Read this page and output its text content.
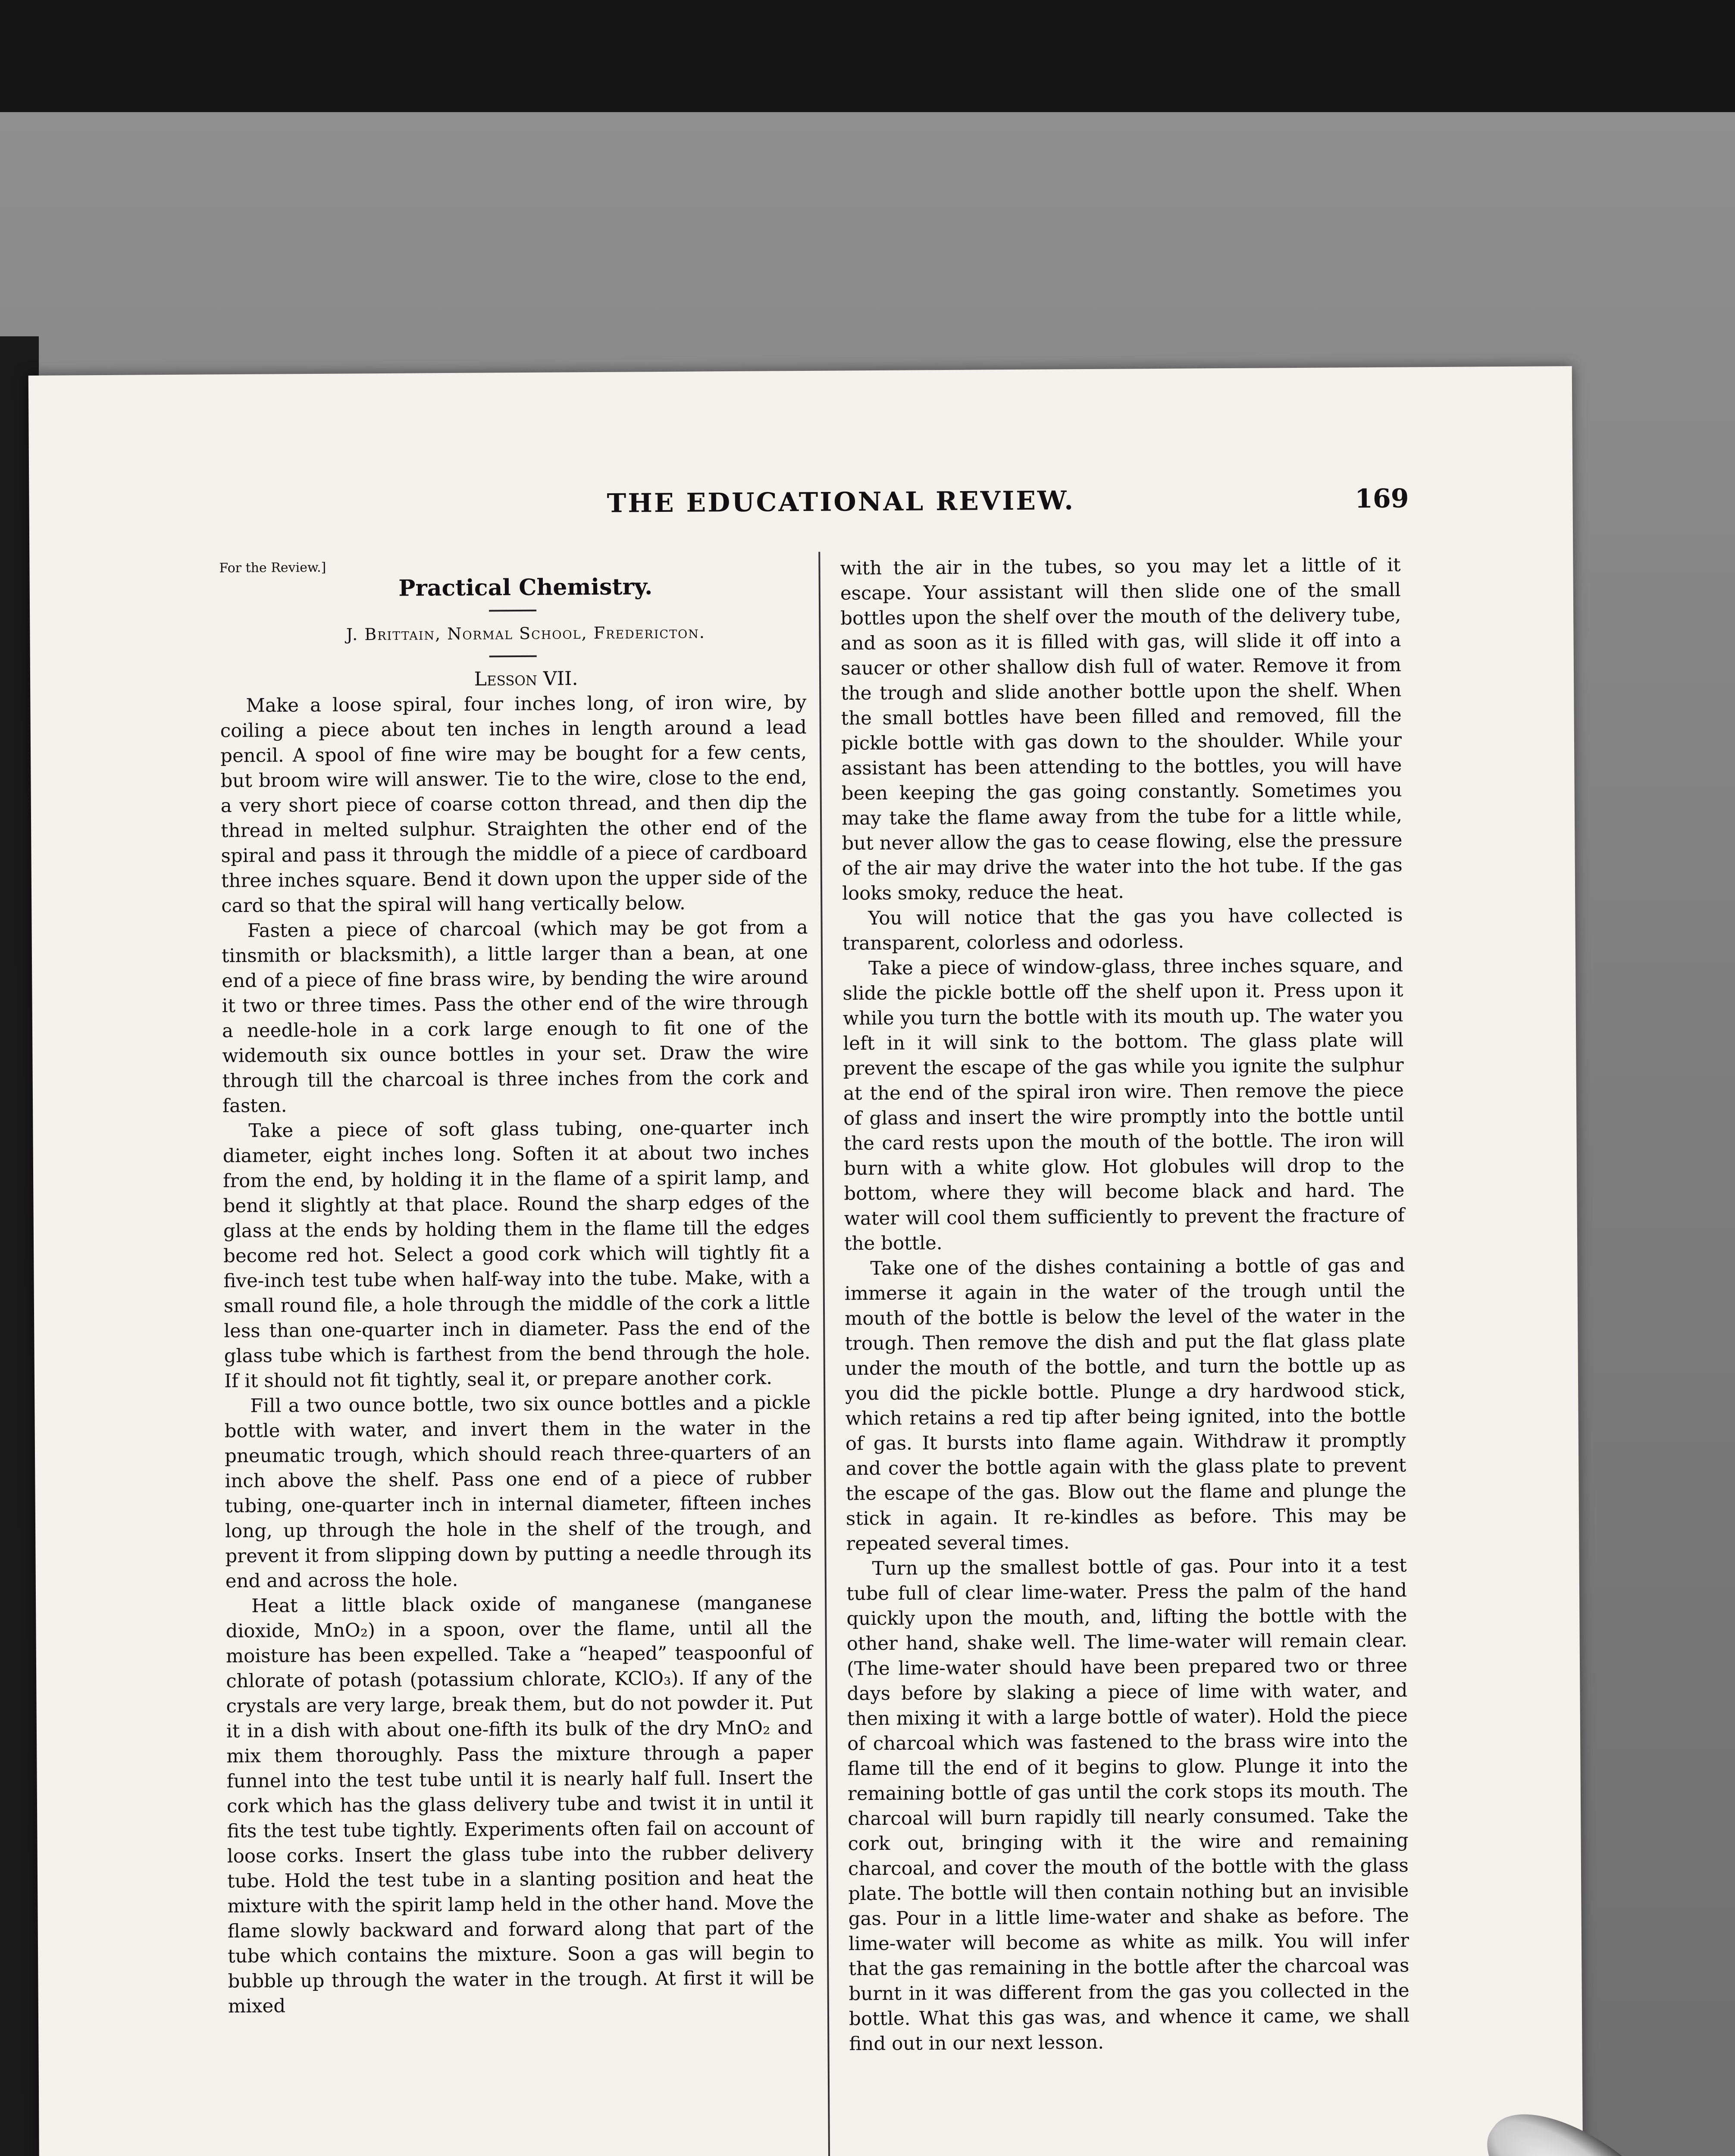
THE EDUCATIONAL REVIEW.	169

For the Review.]

Practical Chemistry.

J. Brittain, Normal School, Fredericton.

Lesson VII.

Make a loose spiral, four inches long, of iron wire, by coiling a piece about ten inches in length around a lead pencil. A spool of fine wire may be bought for a few cents, but broom wire will answer. Tie to the wire, close to the end, a very short piece of coarse cotton thread, and then dip the thread in melted sulphur. Straighten the other end of the spiral and pass it through the middle of a piece of cardboard three inches square. Bend it down upon the upper side of the card so that the spiral will hang vertically below.

Fasten a piece of charcoal (which may be got from a tinsmith or blacksmith), a little larger than a bean, at one end of a piece of fine brass wire, by bending the wire around it two or three times. Pass the other end of the wire through a needle-hole in a cork large enough to fit one of the widemouth six ounce bottles in your set. Draw the wire through till the charcoal is three inches from the cork and fasten.

Take a piece of soft glass tubing, one-quarter inch diameter, eight inches long. Soften it at about two inches from the end, by holding it in the flame of a spirit lamp, and bend it slightly at that place. Round the sharp edges of the glass at the ends by holding them in the flame till the edges become red hot. Select a good cork which will tightly fit a five-inch test tube when half-way into the tube. Make, with a small round file, a hole through the middle of the cork a little less than one-quarter inch in diameter. Pass the end of the glass tube which is farthest from the bend through the hole. If it should not fit tightly, seal it, or prepare another cork.

Fill a two ounce bottle, two six ounce bottles and a pickle bottle with water, and invert them in the water in the pneumatic trough, which should reach three-quarters of an inch above the shelf. Pass one end of a piece of rubber tubing, one-quarter inch in internal diameter, fifteen inches long, up through the hole in the shelf of the trough, and prevent it from slipping down by putting a needle through its end and across the hole.

Heat a little black oxide of manganese (manganese dioxide, MnO₂) in a spoon, over the flame, until all the moisture has been expelled. Take a “heaped” teaspoonful of chlorate of potash (potassium chlorate, KClO₃). If any of the crystals are very large, break them, but do not powder it. Put it in a dish with about one-fifth its bulk of the dry MnO₂ and mix them thoroughly. Pass the mixture through a paper funnel into the test tube until it is nearly half full. Insert the cork which has the glass delivery tube and twist it in until it fits the test tube tightly. Experiments often fail on account of loose corks. Insert the glass tube into the rubber delivery tube. Hold the test tube in a slanting position and heat the mixture with the spirit lamp held in the other hand. Move the flame slowly backward and forward along that part of the tube which contains the mixture. Soon a gas will begin to bubble up through the water in the trough. At first it will be mixed

with the air in the tubes, so you may let a little of it escape. Your assistant will then slide one of the small bottles upon the shelf over the mouth of the delivery tube, and as soon as it is filled with gas, will slide it off into a saucer or other shallow dish full of water. Remove it from the trough and slide another bottle upon the shelf. When the small bottles have been filled and removed, fill the pickle bottle with gas down to the shoulder. While your assistant has been attending to the bottles, you will have been keeping the gas going constantly. Sometimes you may take the flame away from the tube for a little while, but never allow the gas to cease flowing, else the pressure of the air may drive the water into the hot tube. If the gas looks smoky, reduce the heat.

You will notice that the gas you have collected is transparent, colorless and odorless.

Take a piece of window-glass, three inches square, and slide the pickle bottle off the shelf upon it. Press upon it while you turn the bottle with its mouth up. The water you left in it will sink to the bottom. The glass plate will prevent the escape of the gas while you ignite the sulphur at the end of the spiral iron wire. Then remove the piece of glass and insert the wire promptly into the bottle until the card rests upon the mouth of the bottle. The iron will burn with a white glow. Hot globules will drop to the bottom, where they will become black and hard. The water will cool them sufficiently to prevent the fracture of the bottle.

Take one of the dishes containing a bottle of gas and immerse it again in the water of the trough until the mouth of the bottle is below the level of the water in the trough. Then remove the dish and put the flat glass plate under the mouth of the bottle, and turn the bottle up as you did the pickle bottle. Plunge a dry hardwood stick, which retains a red tip after being ignited, into the bottle of gas. It bursts into flame again. Withdraw it promptly and cover the bottle again with the glass plate to prevent the escape of the gas. Blow out the flame and plunge the stick in again. It re-kindles as before. This may be repeated several times.

Turn up the smallest bottle of gas. Pour into it a test tube full of clear lime-water. Press the palm of the hand quickly upon the mouth, and, lifting the bottle with the other hand, shake well. The lime-water will remain clear. (The lime-water should have been prepared two or three days before by slaking a piece of lime with water, and then mixing it with a large bottle of water). Hold the piece of charcoal which was fastened to the brass wire into the flame till the end of it begins to glow. Plunge it into the remaining bottle of gas until the cork stops its mouth. The charcoal will burn rapidly till nearly consumed. Take the cork out, bringing with it the wire and remaining charcoal, and cover the mouth of the bottle with the glass plate. The bottle will then contain nothing but an invisible gas. Pour in a little lime-water and shake as before. The lime-water will become as white as milk. You will infer that the gas remaining in the bottle after the charcoal was burnt in it was different from the gas you collected in the bottle. What this gas was, and whence it came, we shall find out in our next lesson.
